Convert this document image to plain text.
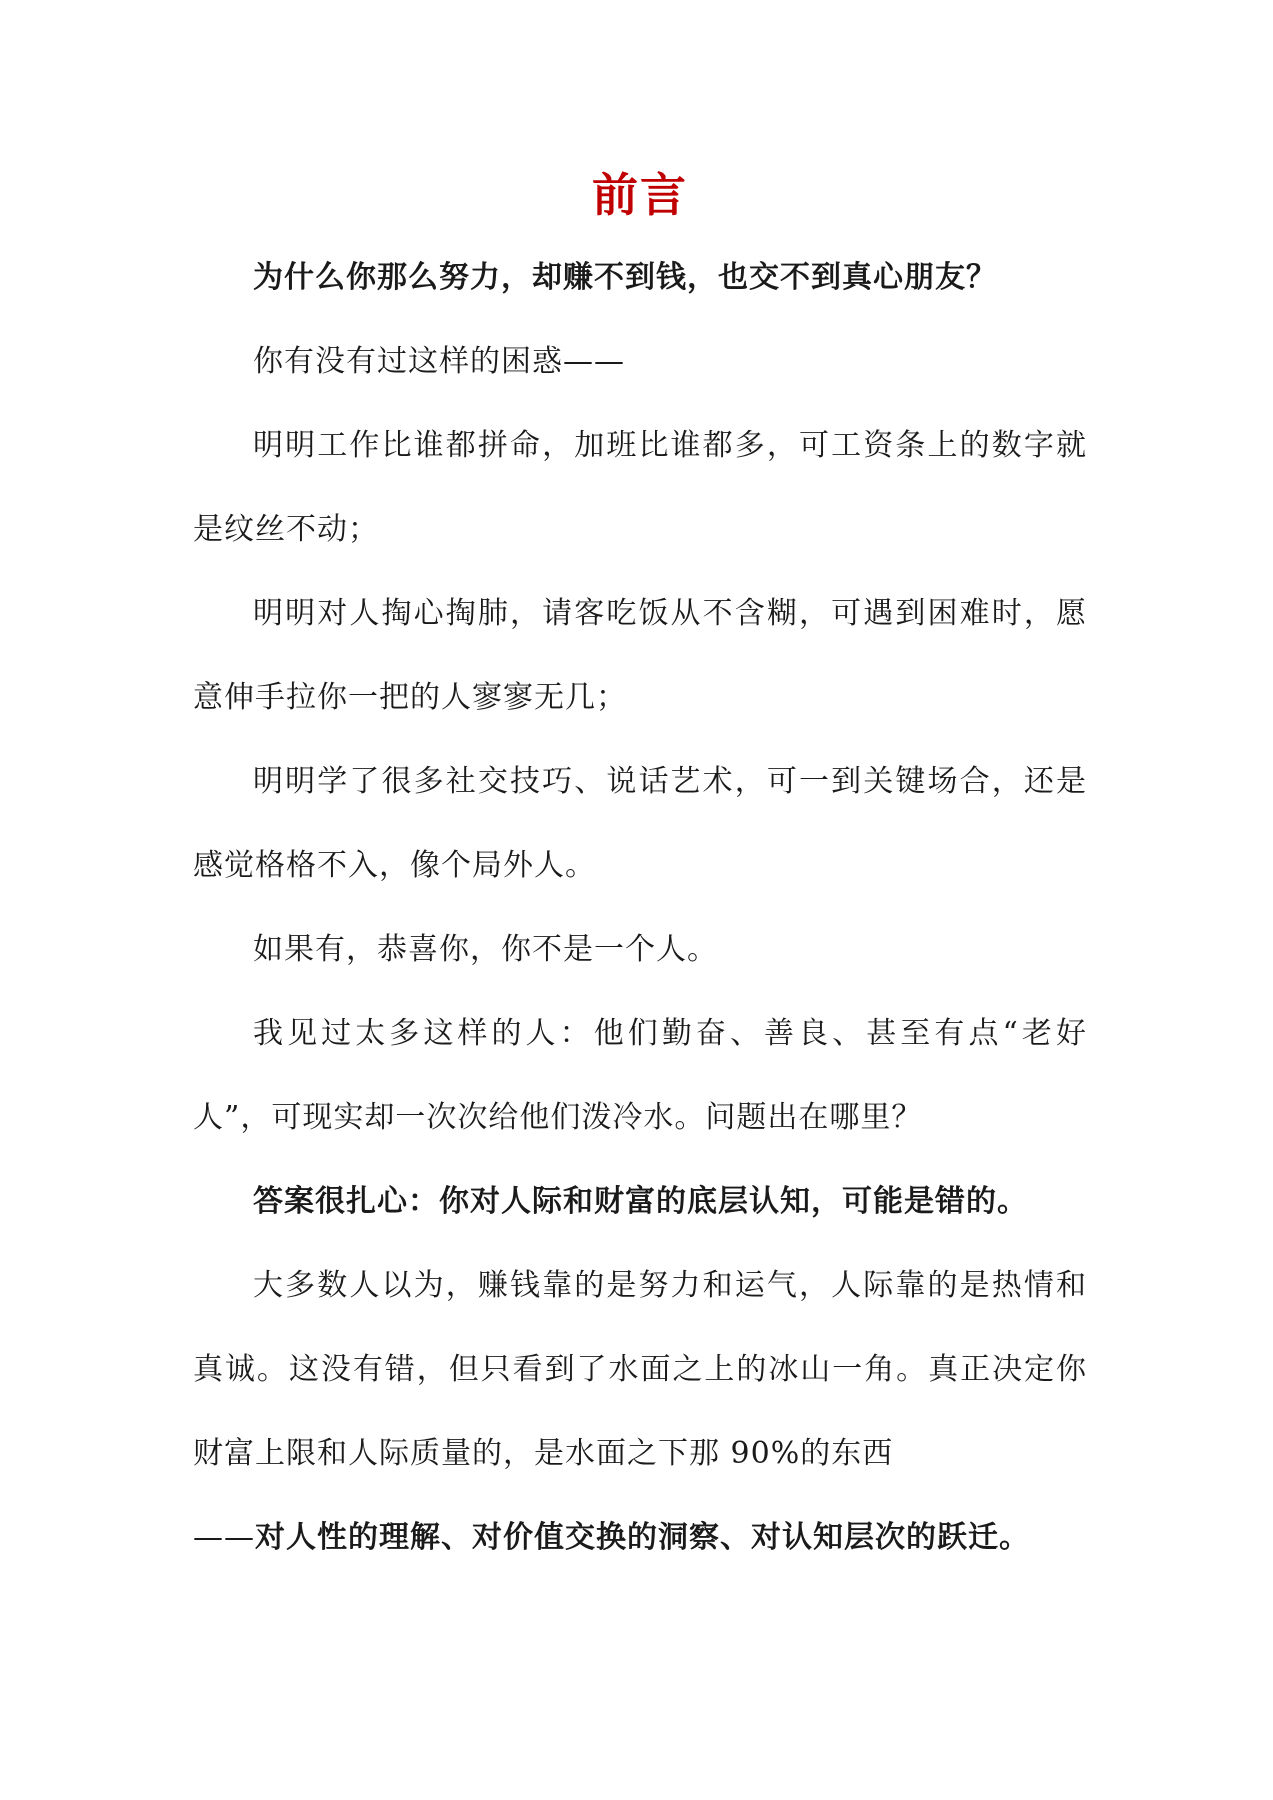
前言

为什么你那么努力，却赚不到钱，也交不到真心朋友？

你有没有过这样的困惑——

明明工作比谁都拼命，加班比谁都多，可工资条上的数字就是纹丝不动；

明明对人掏心掏肺，请客吃饭从不含糊，可遇到困难时，愿意伸手拉你一把的人寥寥无几；

明明学了很多社交技巧、说话艺术，可一到关键场合，还是感觉格格不入，像个局外人。

如果有，恭喜你，你不是一个人。

我见过太多这样的人：他们勤奋、善良、甚至有点“老好人”，可现实却一次次给他们泼冷水。问题出在哪里？

答案很扎心：你对人际和财富的底层认知，可能是错的。

大多数人以为，赚钱靠的是努力和运气，人际靠的是热情和真诚。这没有错，但只看到了水面之上的冰山一角。真正决定你财富上限和人际质量的，是水面之下那 90%的东西

——对人性的理解、对价值交换的洞察、对认知层次的跃迁。
